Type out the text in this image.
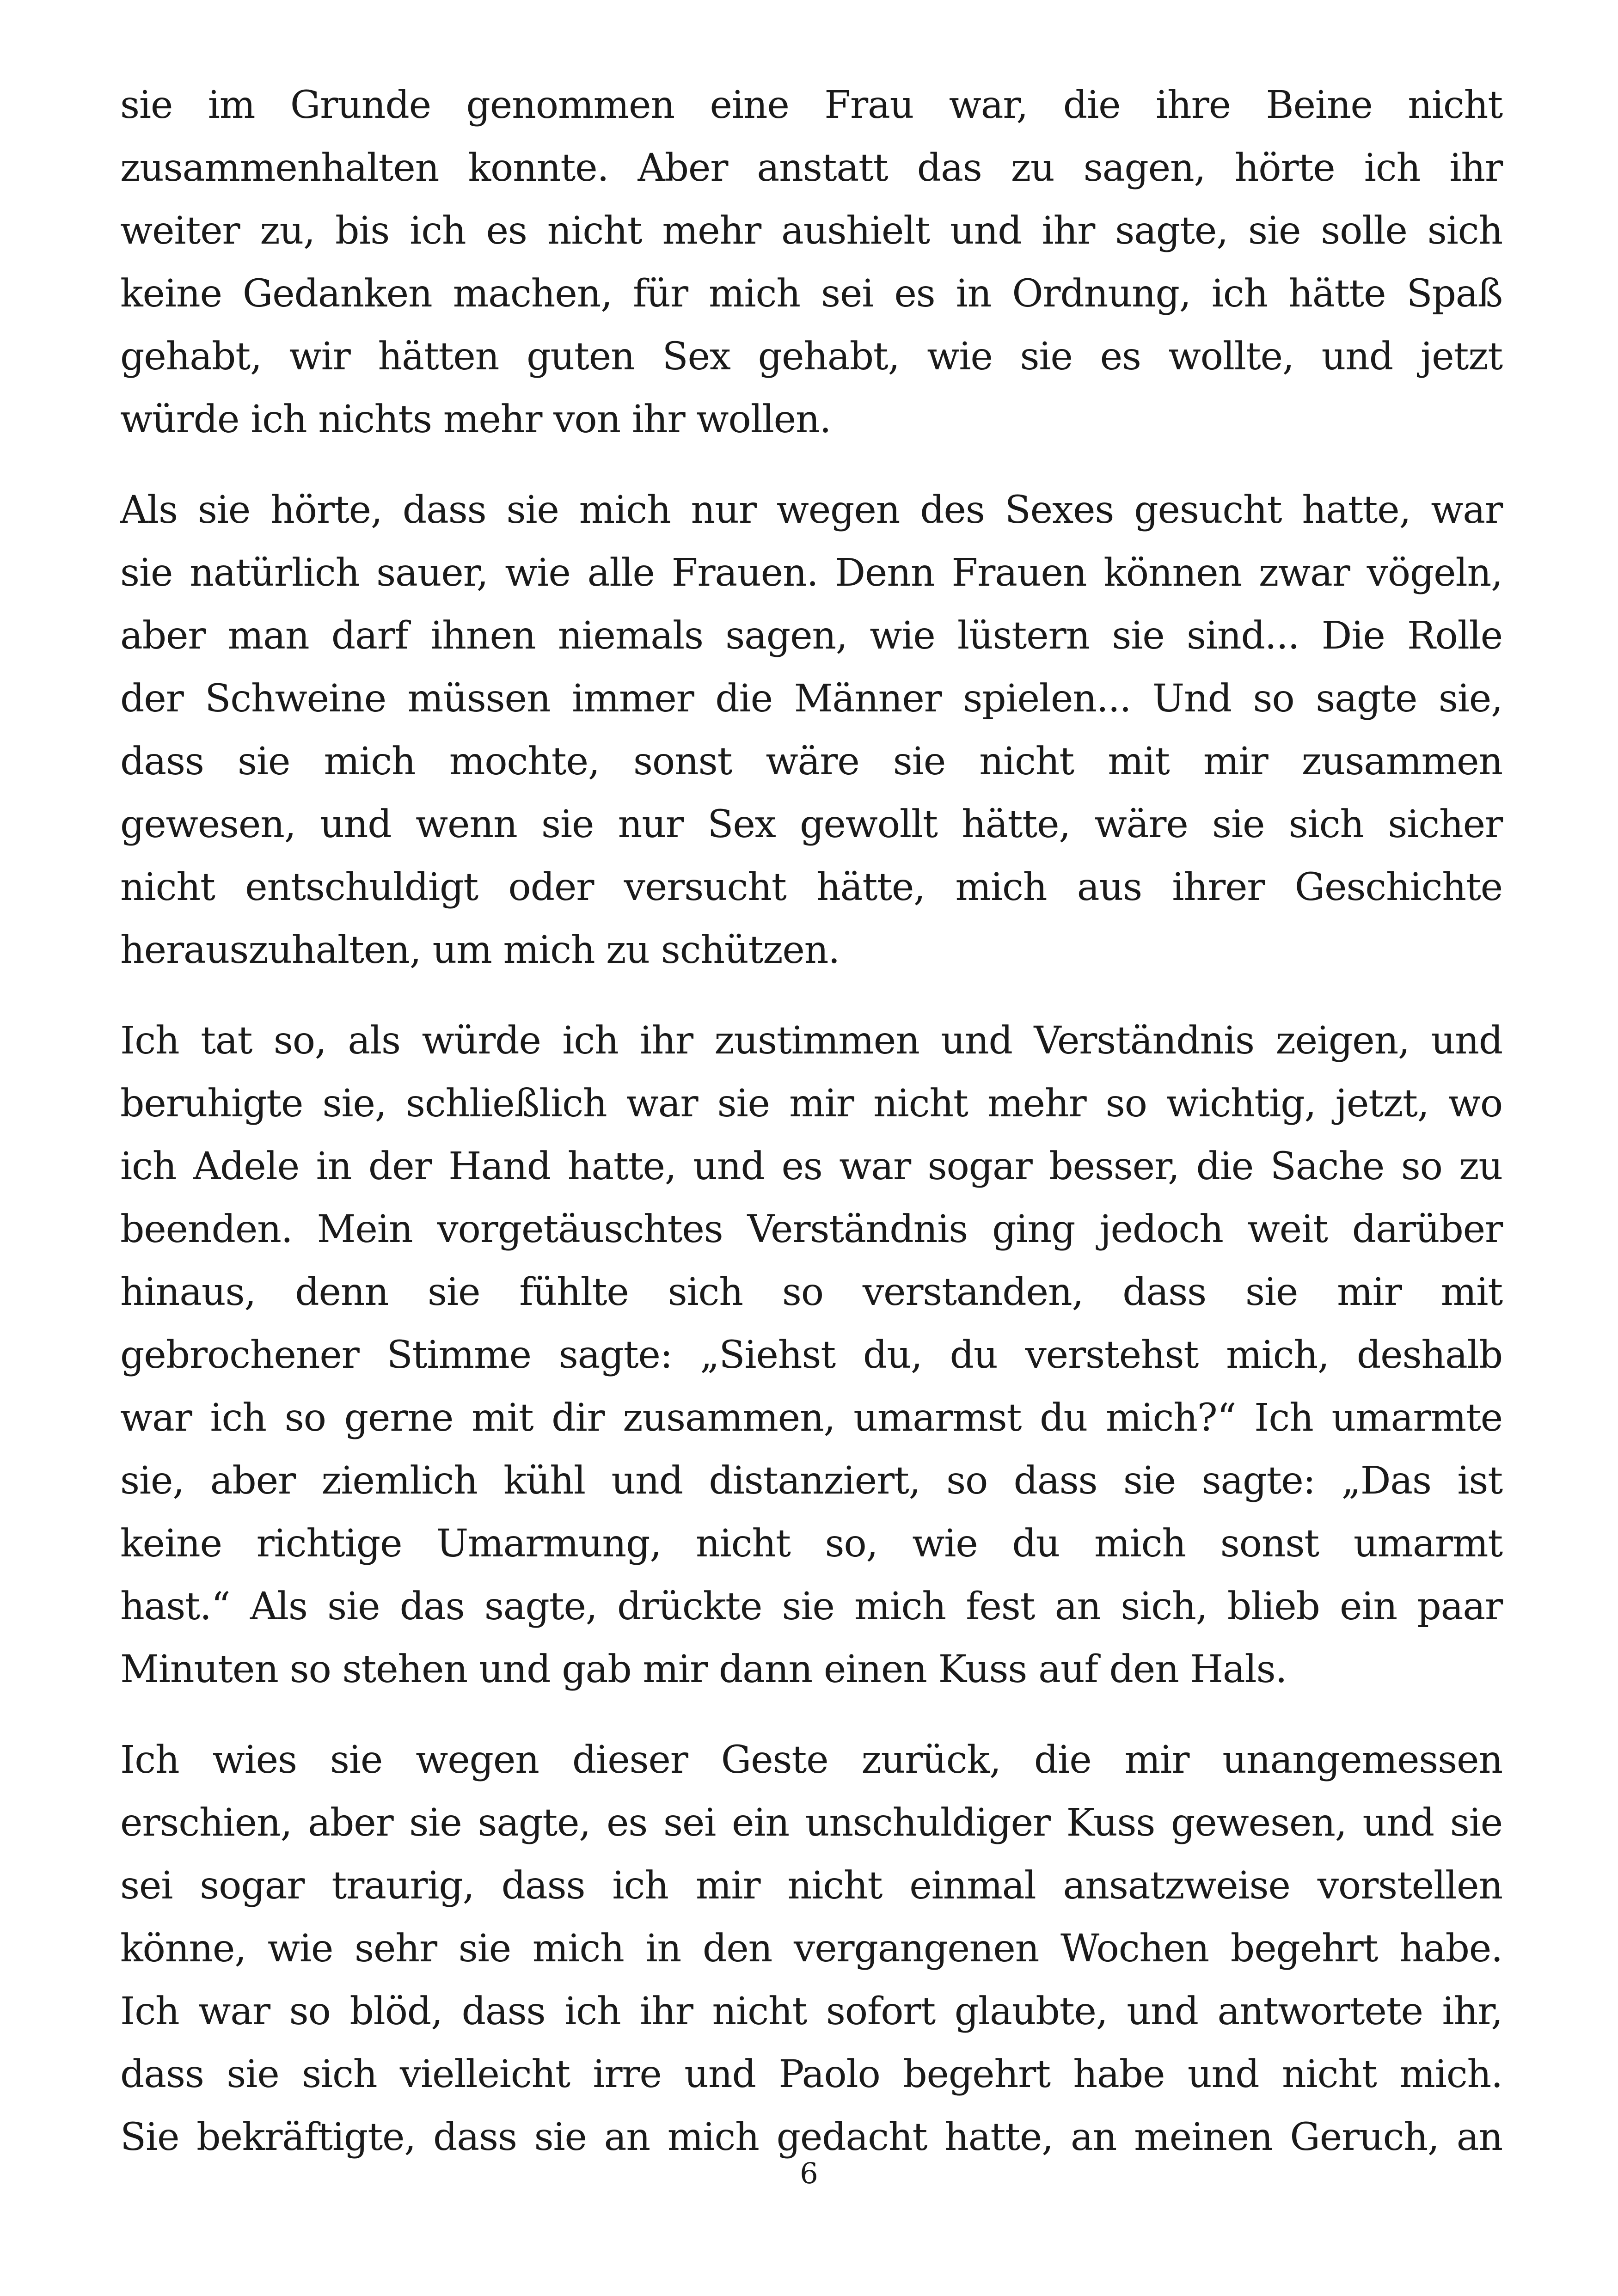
sie im Grunde genommen eine Frau war, die ihre Beine nicht
zusammenhalten konnte. Aber anstatt das zu sagen, hörte ich ihr
weiter zu, bis ich es nicht mehr aushielt und ihr sagte, sie solle sich
keine Gedanken machen, für mich sei es in Ordnung, ich hätte Spaß
gehabt, wir hätten guten Sex gehabt, wie sie es wollte, und jetzt
würde ich nichts mehr von ihr wollen.

Als sie hörte, dass sie mich nur wegen des Sexes gesucht hatte, war
sie natürlich sauer, wie alle Frauen. Denn Frauen können zwar vögeln,
aber man darf ihnen niemals sagen, wie lüstern sie sind... Die Rolle
der Schweine müssen immer die Männer spielen... Und so sagte sie,
dass sie mich mochte, sonst wäre sie nicht mit mir zusammen
gewesen, und wenn sie nur Sex gewollt hätte, wäre sie sich sicher
nicht entschuldigt oder versucht hätte, mich aus ihrer Geschichte
herauszuhalten, um mich zu schützen.

Ich tat so, als würde ich ihr zustimmen und Verständnis zeigen, und
beruhigte sie, schließlich war sie mir nicht mehr so wichtig, jetzt, wo
ich Adele in der Hand hatte, und es war sogar besser, die Sache so zu
beenden. Mein vorgetäuschtes Verständnis ging jedoch weit darüber
hinaus, denn sie fühlte sich so verstanden, dass sie mir mit
gebrochener Stimme sagte: „Siehst du, du verstehst mich, deshalb
war ich so gerne mit dir zusammen, umarmst du mich?“ Ich umarmte
sie, aber ziemlich kühl und distanziert, so dass sie sagte: „Das ist
keine richtige Umarmung, nicht so, wie du mich sonst umarmt
hast.“ Als sie das sagte, drückte sie mich fest an sich, blieb ein paar
Minuten so stehen und gab mir dann einen Kuss auf den Hals.

Ich wies sie wegen dieser Geste zurück, die mir unangemessen
erschien, aber sie sagte, es sei ein unschuldiger Kuss gewesen, und sie
sei sogar traurig, dass ich mir nicht einmal ansatzweise vorstellen
könne, wie sehr sie mich in den vergangenen Wochen begehrt habe.
Ich war so blöd, dass ich ihr nicht sofort glaubte, und antwortete ihr,
dass sie sich vielleicht irre und Paolo begehrt habe und nicht mich.
Sie bekräftigte, dass sie an mich gedacht hatte, an meinen Geruch, an

6
